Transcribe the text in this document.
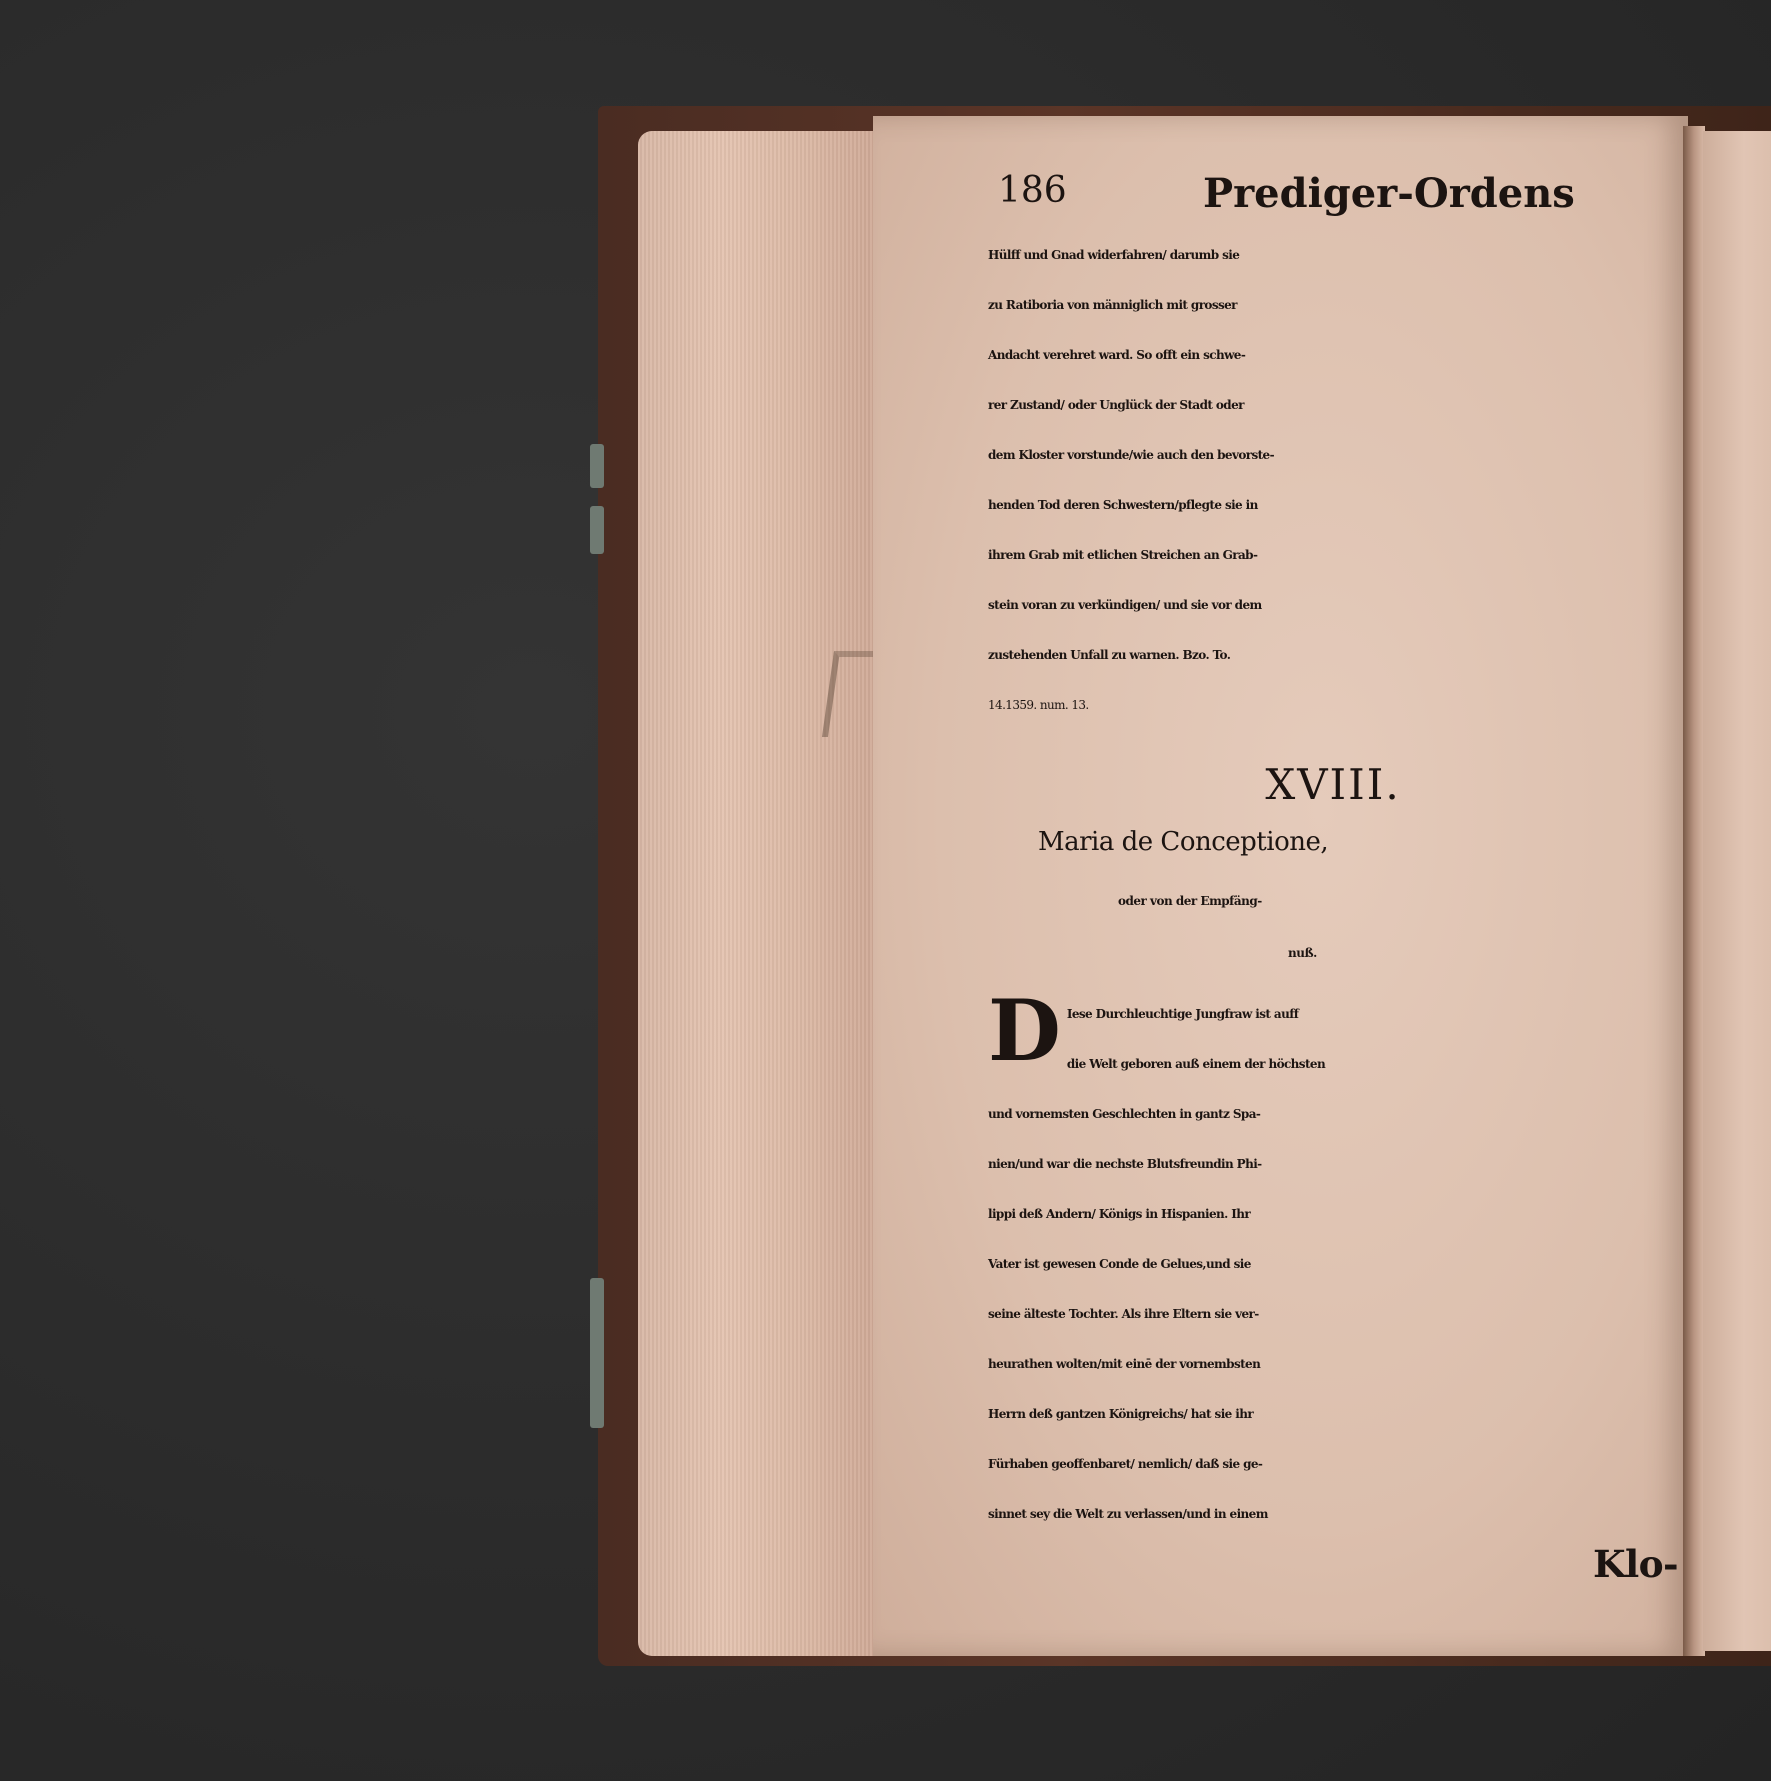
186	Prediger-Ordens
Hülff und Gnad widerfahren/ darumb sie
zu Ratiboria von männiglich mit grosser
Andacht verehret ward. So offt ein schwe-
rer Zustand/ oder Unglück der Stadt oder
dem Kloster vorstunde/wie auch den bevorste-
henden Tod deren Schwestern/pflegte sie in
ihrem Grab mit etlichen Streichen an Grab-
stein voran zu verkündigen/ und sie vor dem
zustehenden Unfall zu warnen. Bzo. To.
14.1359. num. 13.
XVIII.
Maria de Conceptione,
oder von der Empfäng-
nuß.
D Iese Durchleuchtige Jungfraw ist auff
die Welt geboren auß einem der höchsten
und vornemsten Geschlechten in gantz Spa-
nien/und war die nechste Blutsfreundin Phi-
lippi deß Andern/ Königs in Hispanien. Ihr
Vater ist gewesen Conde de Gelues,und sie
seine älteste Tochter. Als ihre Eltern sie ver-
heurathen wolten/mit einē der vornembsten
Herrn deß gantzen Königreichs/ hat sie ihr
Fürhaben geoffenbaret/ nemlich/ daß sie ge-
sinnet sey die Welt zu verlassen/und in einem
Klo-
